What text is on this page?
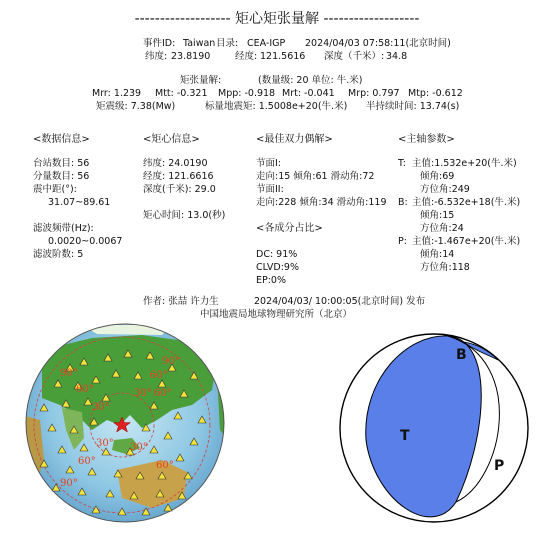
------------------- 矩心矩张量解 -------------------
事件ID: Taiwan 目录: CEA-IGP 2024/04/03 07:58:11(北京时间)
纬度: 23.8190	经度: 121.5616 深度（千米）: 34.8
矩张量解:	(数量级: 20 单位: 牛.米)
Mrr: 1.239 Mtt: -0.321 Mpp: -0.918 Mrt: -0.041 Mrp: 0.797 Mtp: -0.612
矩震级: 7.38(Mw)	标量地震矩: 1.5008e+20(牛.米) 半持续时间: 13.74(s)
<数据信息>
台站数目: 56
分量数目: 56
震中距(°):
31.07~89.61
滤波频带(Hz):
0.0020~0.0067
滤波阶数: 5
<矩心信息>
纬度: 24.0190
经度: 121.6616
深度(千米): 29.0
矩心时间: 13.0(秒)
<最佳双力偶解>
节面I:
走向:15 倾角:61 滑动角:72
节面II:
走向:228 倾角:34 滑动角:119
<各成分占比>
DC: 91%
CLVD:9%
EP:0%
<主轴参数>
T: 主值:1.532e+20(牛.米)
倾角:69
方位角:249
B: 主值:-6.532e+18(牛.米)
倾角:15
方位角:24
P: 主值:-1.467e+20(牛.米)
倾角:14
方位角:118
作者: 张喆 许力生	2024/04/03/ 10:00:05(北京时间) 发布
中国地震局地球物理研究所（北京）
90°
60°
30°
30°
60°
90°
60°
60°
30°
30°
60°
90°
T
B
P
